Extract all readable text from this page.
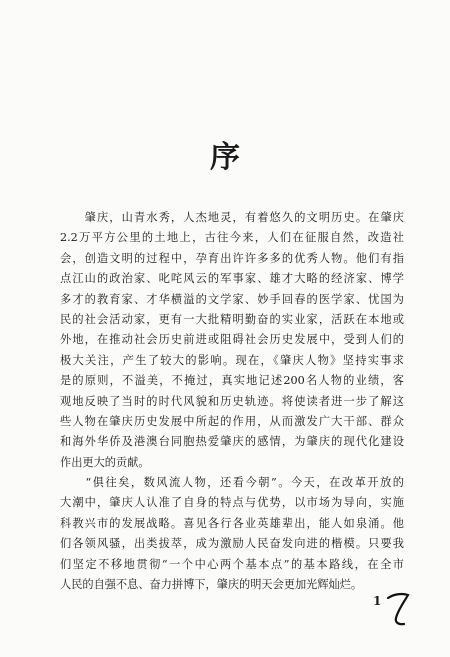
序
　　肇庆，山青水秀，人杰地灵，有着悠久的文明历史。在肇庆
2.2万平方公里的土地上，古往今来，人们在征服自然，改造社
会，创造文明的过程中，孕育出许许多多的优秀人物。他们有指
点江山的政治家、叱咤风云的军事家、雄才大略的经济家、博学
多才的教育家、才华横溢的文学家、妙手回春的医学家、忧国为
民的社会活动家，更有一大批精明勤奋的实业家，活跃在本地或
外地，在推动社会历史前进或阻碍社会历史发展中，受到人们的
极大关注，产生了较大的影响。现在，《肇庆人物》坚持实事求
是的原则，不溢美，不掩过，真实地记述200名人物的业绩，客
观地反映了当时的时代风貌和历史轨迹。将使读者进一步了解这
些人物在肇庆历史发展中所起的作用，从而激发广大干部、群众
和海外华侨及港澳台同胞热爱肇庆的感情，为肇庆的现代化建设
作出更大的贡献。
　　“俱往矣，数风流人物，还看今朝”。今天，在改革开放的
大潮中，肇庆人认准了自身的特点与优势，以市场为导向，实施
科教兴市的发展战略。喜见各行各业英雄辈出，能人如泉涌。他
们各领风骚，出类拔萃，成为激励人民奋发向进的楷模。只要我
们坚定不移地贯彻“一个中心两个基本点”的基本路线，在全市
人民的自强不息、奋力拼博下，肇庆的明天会更加光辉灿烂。
1
